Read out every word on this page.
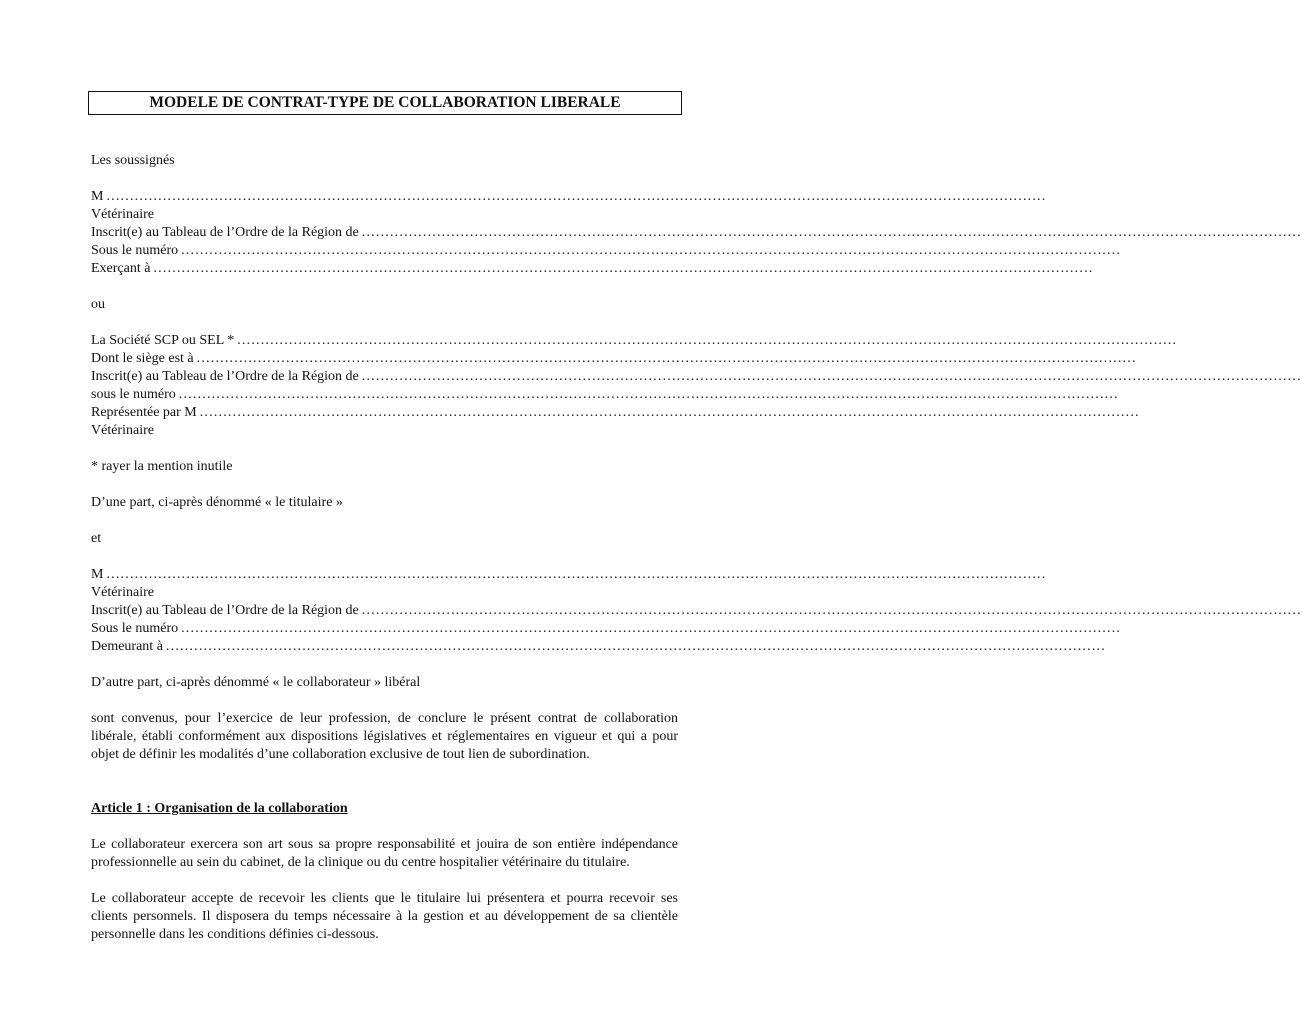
MODELE DE CONTRAT-TYPE DE COLLABORATION LIBERALE
Les soussignés
M ........................................................................................................................................................................................................
Vétérinaire
Inscrit(e) au Tableau de l’Ordre de la Région de ........................................................................................................................................................................................................
Sous le numéro ........................................................................................................................................................................................................
Exerçant à ........................................................................................................................................................................................................
ou
La Société SCP ou SEL * ........................................................................................................................................................................................................
Dont le siège est à ........................................................................................................................................................................................................
Inscrit(e) au Tableau de l’Ordre de la Région de ........................................................................................................................................................................................................
sous le numéro ........................................................................................................................................................................................................
Représentée par M ........................................................................................................................................................................................................
Vétérinaire
* rayer la mention inutile
D’une part, ci-après dénommé « le titulaire »
et
M ........................................................................................................................................................................................................
Vétérinaire
Inscrit(e) au Tableau de l’Ordre de la Région de ........................................................................................................................................................................................................
Sous le numéro ........................................................................................................................................................................................................
Demeurant à ........................................................................................................................................................................................................
D’autre part, ci-après dénommé « le collaborateur » libéral
sont convenus, pour l’exercice de leur profession, de conclure le présent contrat de collaboration libérale, établi conformément aux dispositions législatives et réglementaires en vigueur et qui a pour objet de définir les modalités d’une collaboration exclusive de tout lien de subordination.
Article 1 : Organisation de la collaboration
Le collaborateur exercera son art sous sa propre responsabilité et jouira de son entière indépendance professionnelle au sein du cabinet, de la clinique ou du centre hospitalier vétérinaire du titulaire.
Le collaborateur accepte de recevoir les clients que le titulaire lui présentera et pourra recevoir ses clients personnels. Il disposera du temps nécessaire à la gestion et au développement de sa clientèle personnelle dans les conditions définies ci-dessous.
